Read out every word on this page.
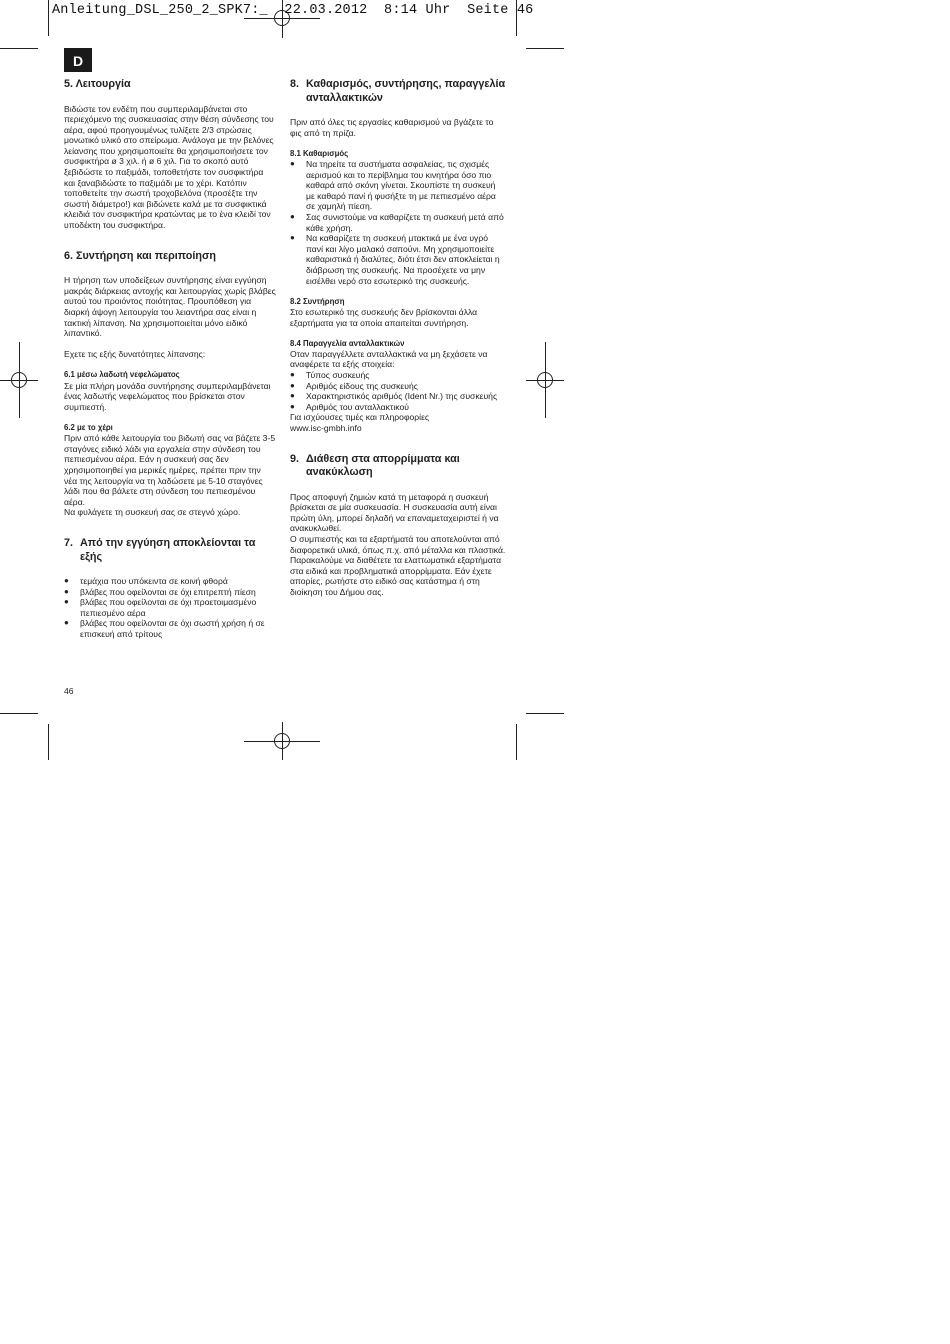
Anleitung_DSL_250_2_SPK7:_  22.03.2012  8:14 Uhr  Seite 46
D
5. Λειτουργία

Βιδώστε τον ενδέτη που συμπεριλαμβάνεται στο περιεχόμενο της συσκευασίας στην θέση σύνδεσης του αέρα, αφού προηγουμένως τυλίξετε 2/3 στρώσεις μονωτικό υλικό στο σπείρωμα. Ανάλογα με την βελόνες λείανσης που χρησιμοποιείτε θα χρησιμοποιήσετε τον συσφικτήρα ø 3 χιλ. ή ø 6 χιλ. Για το σκοπό αυτό ξεβιδώστε το παξιμάδι, τοποθετήστε τον συσφικτήρα και ξαναβιδώστε το παξιμάδι με το χέρι. Κατόπιν τοποθετείτε την σωστή τροχοβελόνα (προσέξτε την σωστή διάμετρο!) και βιδώνετε καλά με τα συσφικτικά κλειδιά τον συσφικτήρα κρατώντας με το ένα κλειδί τον υποδέκτη του συσφικτήρα.

6. Συντήρηση και περιποίηση

Η τήρηση των υποδείξεων συντήρησης είναι εγγύηση μακράς διάρκειας αντοχής και λειτουργίας χωρίς βλάβες αυτού του προιόντος ποιότητας. Προυπόθεση για διαρκή άψογη λειτουργία του λειαντήρα σας είναι η τακτική λίπανση. Να χρησιμοποιείται μόνο ειδικό λιπαντικό.

Εχετε τις εξής δυνατότητες λίπανσης:

6.1 μέσω λαδωτή νεφελώματος

Σε μία πλήρη μονάδα συντήρησης συμπεριλαμβάνεται ένας λαδωτής νεφελώματος που βρίσκεται στον συμπιεστή.

6.2 με το χέρι

Πριν από κάθε λειτουργία του βιδωτή σας να βάζετε 3-5 σταγόνες ειδικό λάδι για εργαλεία στην σύνδεση του πεπιεσμένου αέρα. Εάν η συσκευή σας δεν χρησιμοποιηθεί για μερικές ημέρες, πρέπει πριν την νέα της λειτουργία να τη λαδώσετε με 5-10 σταγόνες λάδι που θα βάλετε στη σύνδεση του πεπιεσμένου αέρα.

Να φυλάγετε τη συσκευή σας σε στεγνό χώρο.

7. Από την εγγύηση αποκλείονται τα εξής
● τεμάχια που υπόκειντα σε κοινή φθορά
● βλάβες που οφείλονται σε όχι επιτρεπτή πίεση
● βλάβες που οφείλονται σε όχι προετοιμασμένο πεπιεσμένο αέρα
● βλάβες που οφείλονται σε όχι σωστή χρήση ή σε επισκευή από τρίτους
8. Καθαρισμός, συντήρησης, παραγγελία ανταλλακτικών

Πριν από όλες τις εργασίες καθαρισμού να βγάζετε το φις από τη πρίζα.

8.1 Καθαρισμός
● Να τηρείτε τα συστήματα ασφαλείας, τις σχισμές αερισμού και το περίβλημα του κινητήρα όσο πιο καθαρά από σκόνη γίνεται. Σκουπίστε τη συσκευή με καθαρό πανί ή φυσήξτε τη με πεπιεσμένο αέρα σε χαμηλή πίεση.
● Σας συνιστούμε να καθαρίζετε τη συσκευή μετά από κάθε χρήση.
● Να καθαρίζετε τη συσκευή μτακτικά με ένα υγρό πανί και λίγο μαλακό σαπούνι. Μη χρησιμοποιείτε καθαριστικά ή διαλύτες, διότι έτσι δεν αποκλείεται η διάβρωση της συσκευής. Να προσέχετε να μην εισέλθει νερό στο εσωτερικό της συσκευής.
8.2 Συντήρηση

Στο εσωτερικό της συσκευής δεν βρίσκονται άλλα εξαρτήματα για τα οποία απαιτείται συντήρηση.

8.4 Παραγγελία ανταλλακτικών

Οταν παραγγέλλετε ανταλλακτικά να μη ξεχάσετε να αναφέρετε τα εξής στοιχεία:

● Τύπος συσκευής
● Αριθμός είδους της συσκευής
● Χαρακτηριστικός αριθμός (Ident Nr.) της συσκευής
● Αριθμός του ανταλλακτικού

Για ισχύουσες τιμές και πληροφορίες

www.isc-gmbh.info

9. Διάθεση στα απορρίμματα και ανακύκλωση

Προς αποφυγή ζημιών κατά τη μεταφορά η συσκευή βρίσκεται σε μία συσκευασία. Η συσκευασία αυτή είναι πρώτη ύλη, μπορεί δηλαδή να επαναμεταχειριστεί ή να ανακυκλωθεί.

Ο συμπιεστής και τα εξαρτήματά του αποτελούνται από διαφορετικά υλικά, όπως π.χ. από μέταλλα και πλαστικά. Παρακαλούμε να διαθέτετε τα ελαττωματικά εξαρτήματα στα ειδικά και προβληματικά απορρίμματα. Εάν έχετε απορίες, ρωτήστε στο ειδικό σας κατάστημα ή στη διοίκηση του Δήμου σας.

46
